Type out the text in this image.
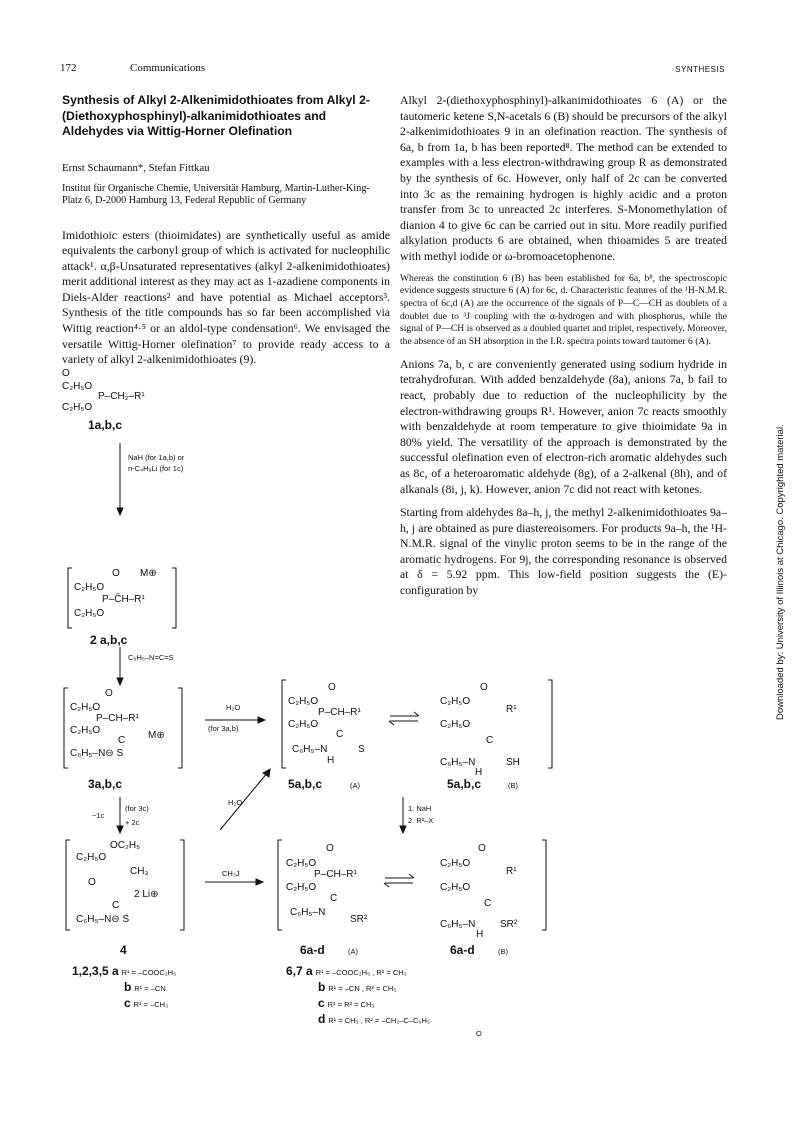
172	Communications	SYNTHESIS

Synthesis of Alkyl 2-Alkenimidothioates from Alkyl 2-(Diethoxyphosphinyl)-alkanimidothioates and Aldehydes via Wittig-Horner Olefination

Ernst Schaumann*, Stefan Fittkau

Institut für Organische Chemie, Universität Hamburg, Martin-Luther-King-Platz 6, D-2000 Hamburg 13, Federal Republic of Germany

Imidothioic esters (thioimidates) are synthetically useful as amide equivalents the carbonyl group of which is activated for nucleophilic attack¹. α,β-Unsaturated representatives (alkyl 2-alkenimidothioates) merit additional interest as they may act as 1-azadiene components in Diels-Alder reactions² and have potential as Michael acceptors³. Synthesis of the title compounds has so far been accomplished via Wittig reaction⁴·⁵ or an aldol-type condensation⁶. We envisaged the versatile Wittig-Horner olefination⁷ to provide ready access to a variety of alkyl 2-alkenimidothioates (9).

Alkyl 2-(diethoxyphosphinyl)-alkanimidothioates 6 (A) or the tautomeric ketene S,N-acetals 6 (B) should be precursors of the alkyl 2-alkenimidothioates 9 in an olefination reaction. The synthesis of 6a, b from 1a, b has been reported⁸. The method can be extended to examples with a less electron-withdrawing group R as demonstrated by the synthesis of 6c. However, only half of 2c can be converted into 3c as the remaining hydrogen is highly acidic and a proton transfer from 3c to unreacted 2c interferes. S-Monomethylation of dianion 4 to give 6c can be carried out in situ. More readily purified alkylation products 6 are obtained, when thioamides 5 are treated with methyl iodide or ω-bromoacetophenone.

Whereas the constitution 6 (B) has been established for 6a, b⁸, the spectroscopic evidence suggests structure 6 (A) for 6c, d. Characteristic features of the ¹H-N.M.R. spectra of 6c,d (A) are the occurrence of the signals of P—C—CH as doublets of a doublet due to ³J coupling with the α-hydrogen and with phosphorus, while the signal of P—CH is observed as a doubled quartet and triplet, respectively. Moreover, the absence of an SH absorption in the I.R. spectra points toward tautomer 6 (A).

Anions 7a, b, c are conveniently generated using sodium hydride in tetrahydrofuran. With added benzaldehyde (8a), anions 7a, b fail to react, probably due to reduction of the nucleophilicity by the electron-withdrawing groups R¹. However, anion 7c reacts smoothly with benzaldehyde at room temperature to give thioimidate 9a in 80% yield. The versatility of the approach is demonstrated by the successful olefination even of electron-rich aromatic aldehydes such as 8c, of a heteroaromatic aldehyde (8g), of a 2-alkenal (8h), and of alkanals (8i, j, k). However, anion 7c did not react with ketones.

Starting from aldehydes 8a–h, j, the methyl 2-alkenimidothioates 9a–h, j are obtained as pure diastereoisomers. For products 9a–h, the ¹H-N.M.R. signal of the vinylic proton seems to be in the range of the aromatic hydrogens. For 9j, the corresponding resonance is observed at δ = 5.92 ppm. This low-field position suggests the (E)-configuration by	Downloaded by: University of Illinois at Chicago. Copyrighted material.
O
C₂H₅O
P–CH₂–R¹
C₂H₅O
1a,b,c
NaH (for 1a,b) or
n-C₄H₉Li (for 1c)
O M⊕
C₂H₅O
P–C̄H–R¹
C₂H₅O
2 a,b,c
C₆H₅–N=C=S
O
C₂H₅O
P–CH–R¹
C₂H₅O
C M⊕
C₆H₅–N⊖ S
3a,b,c
H₂O
(for 3a,b)
O
C₂H₅O
P–CH–R¹
C₂H₅O
C
C₆H₅–N	S
H
5a,b,c	(A)
O
C₂H₅O
R¹
C₂H₅O
C
C₆H₅–N	SH
H
5a,b,c	(B)
(for 3c)
+ 2c
−1c
H₂O
1. NaH
2. R²–X
CH₃J
OC₂H₅
C₂H₅O
CH₃
O
2 Li⊕
C
C₆H₅–N⊖ S
4
O
C₂H₅O
P–CH–R¹
C₂H₅O
C
C₆H₅–N
SR²
6a-d	(A)
O
C₂H₅O
R¹
C₂H₅O
C
C₆H₅–N SR²
H
6a-d	(B)
1,2,3,5 a R¹ = –COOC₂H₅
b R¹ = –CN
c R¹ = –CH₃
6,7 a R¹ = –COOC₂H₅ , R² = CH₃
b R¹ = –CN , R² = CH₃
c R¹ = R² = CH₃
d R¹ = CH₃ , R² = –CH₂–C–C₆H₅
O
